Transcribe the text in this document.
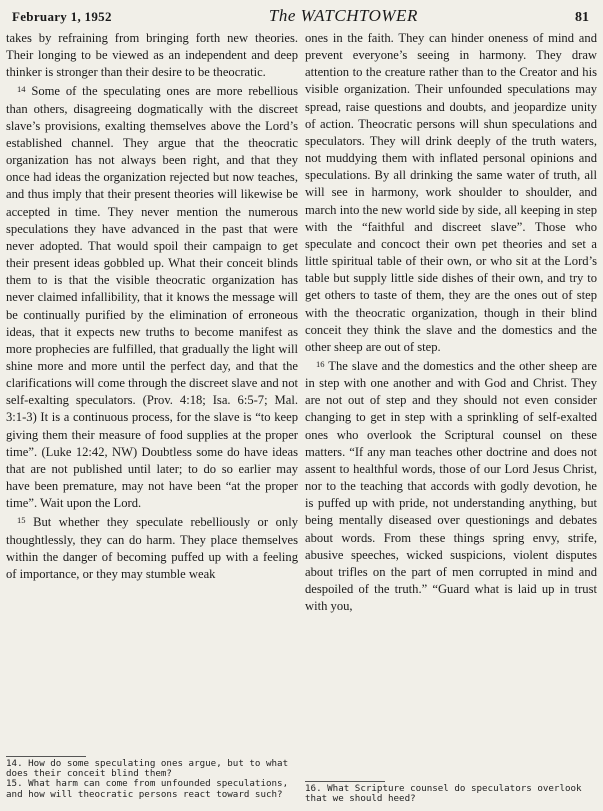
February 1, 1952	The WATCHTOWER	81

takes by refraining from bringing forth new theories. Their longing to be viewed as an independent and deep thinker is stronger than their desire to be theocratic.

$^{14}$ Some of the speculating ones are more rebellious than others, disagreeing dogmatically with the discreet slave’s provisions, exalting themselves above the Lord’s established channel. They argue that the theocratic organization has not always been right, and that they once had ideas the organization rejected but now teaches, and thus imply that their present theories will likewise be accepted in time. They never mention the numerous speculations they have advanced in the past that were never adopted. That would spoil their campaign to get their present ideas gobbled up. What their conceit blinds them to is that the visible theocratic organization has never claimed infallibility, that it knows the message will be continually purified by the elimination of erroneous ideas, that it expects new truths to become manifest as more prophecies are fulfilled, that gradually the light will shine more and more until the perfect day, and that the clarifications will come through the discreet slave and not self-exalting speculators. (Prov. 4:18; Isa. 6:5-7; Mal. 3:1-3) It is a continuous process, for the slave is “to keep giving them their measure of food supplies at the proper time”. (Luke 12:42, NW) Doubtless some do have ideas that are not published until later; to do so earlier may have been premature, may not have been “at the proper time”. Wait upon the Lord.

$^{15}$ But whether they speculate rebelliously or only thoughtlessly, they can do harm. They place themselves within the danger of becoming puffed up with a feeling of importance, or they may stumble weak

ones in the faith. They can hinder oneness of mind and prevent everyone’s seeing in harmony. They draw attention to the creature rather than to the Creator and his visible organization. Their unfounded speculations may spread, raise questions and doubts, and jeopardize unity of action. Theocratic persons will shun speculations and speculators. They will drink deeply of the truth waters, not muddying them with inflated personal opinions and speculations. By all drinking the same water of truth, all will see in harmony, work shoulder to shoulder, and march into the new world side by side, all keeping in step with the “faithful and discreet slave”. Those who speculate and concoct their own pet theories and set a little spiritual table of their own, or who sit at the Lord’s table but supply little side dishes of their own, and try to get others to taste of them, they are the ones out of step with the theocratic organization, though in their blind conceit they think the slave and the domestics and the other sheep are out of step.

$^{16}$ The slave and the domestics and the other sheep are in step with one another and with God and Christ. They are not out of step and they should not even consider changing to get in step with a sprinkling of self-exalted ones who overlook the Scriptural counsel on these matters. “If any man teaches other doctrine and does not assent to healthful words, those of our Lord Jesus Christ, nor to the teaching that accords with godly devotion, he is puffed up with pride, not understanding anything, but being mentally diseased over questionings and debates about words. From these things spring envy, strife, abusive speeches, wicked suspicions, violent disputes about trifles on the part of men corrupted in mind and despoiled of the truth.” “Guard what is laid up in trust with you,

14. How do some speculating ones argue, but to what does their conceit blind them?

15. What harm can come from unfounded speculations, and how will theocratic persons react toward such?

16. What Scripture counsel do speculators overlook that we should heed?
